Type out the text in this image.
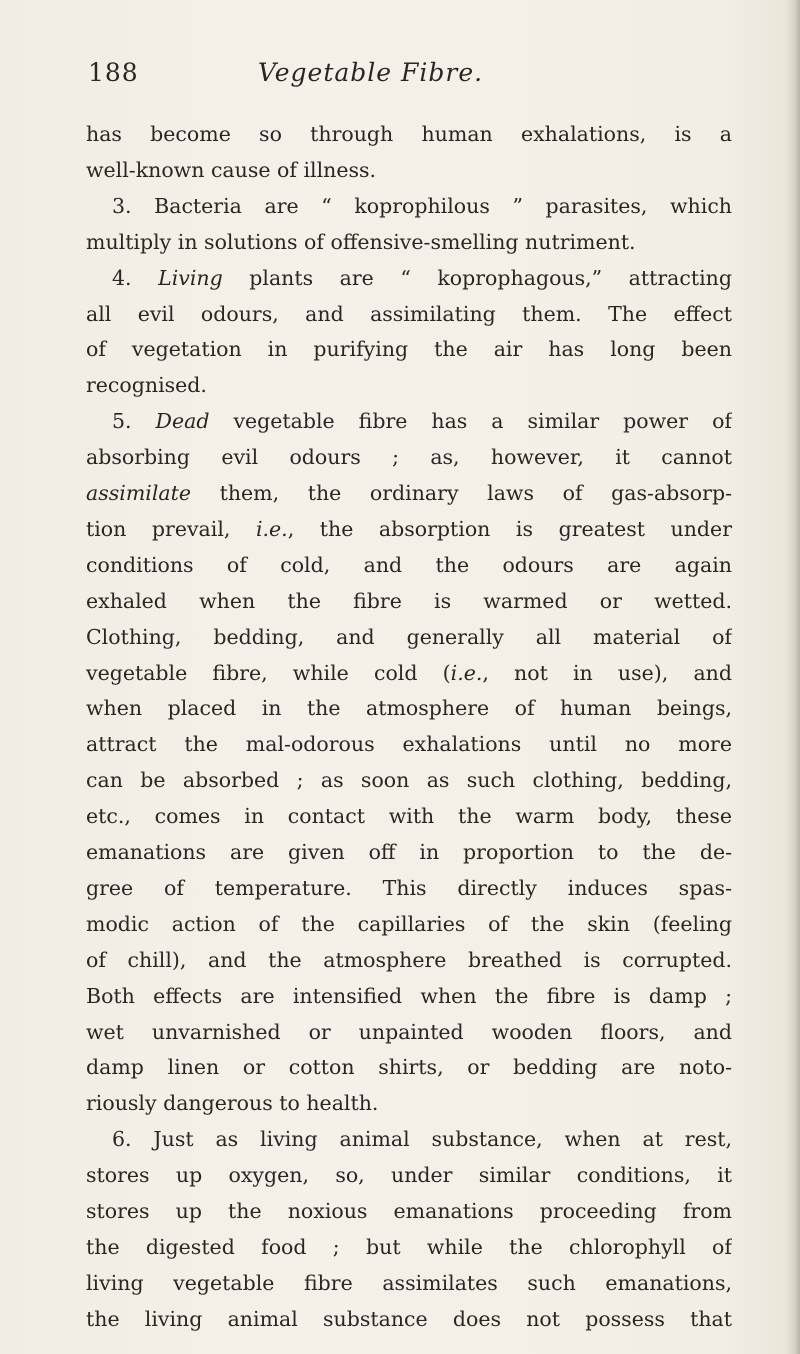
188	Vegetable Fibre.
has become so through human exhalations, is a
well-known cause of illness.
3. Bacteria are “ koprophilous ” parasites, which
multiply in solutions of offensive-smelling nutriment.
4. Living plants are “ koprophagous,” attracting
all evil odours, and assimilating them. The effect
of vegetation in purifying the air has long been
recognised.
5. Dead vegetable fibre has a similar power of
absorbing evil odours ; as, however, it cannot
assimilate them, the ordinary laws of gas-absorp-
tion prevail, i.e., the absorption is greatest under
conditions of cold, and the odours are again
exhaled when the fibre is warmed or wetted.
Clothing, bedding, and generally all material of
vegetable fibre, while cold (i.e., not in use), and
when placed in the atmosphere of human beings,
attract the mal-odorous exhalations until no more
can be absorbed ; as soon as such clothing, bedding,
etc., comes in contact with the warm body, these
emanations are given off in proportion to the de-
gree of temperature. This directly induces spas-
modic action of the capillaries of the skin (feeling
of chill), and the atmosphere breathed is corrupted.
Both effects are intensified when the fibre is damp ;
wet unvarnished or unpainted wooden floors, and
damp linen or cotton shirts, or bedding are noto-
riously dangerous to health.
6. Just as living animal substance, when at rest,
stores up oxygen, so, under similar conditions, it
stores up the noxious emanations proceeding from
the digested food ; but while the chlorophyll of
living vegetable fibre assimilates such emanations,
the living animal substance does not possess that
